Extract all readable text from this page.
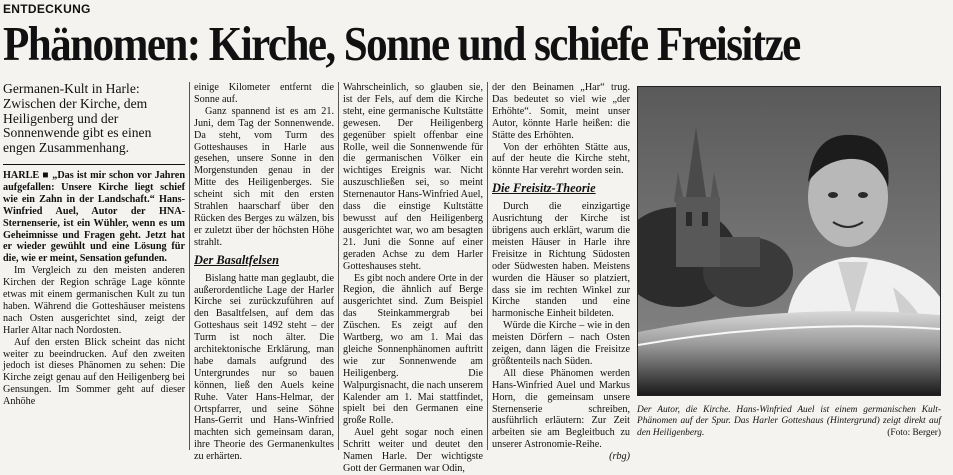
ENTDECKUNG
Phänomen: Kirche, Sonne und schiefe Freisitze
Germanen-Kult in Harle: Zwischen der Kirche, dem Heiligenberg und der Sonnenwende gibt es einen engen Zusammenhang.

HARLE ■ „Das ist mir schon vor Jahren aufgefallen: Unsere Kirche liegt schief wie ein Zahn in der Landschaft.“ Hans-Winfried Auel, Autor der HNA-Sternenserie, ist ein Wühler, wenn es um Geheimnisse und Fragen geht. Jetzt hat er wieder gewühlt und eine Lösung für die, wie er meint, Sensation gefunden.

Im Vergleich zu den meisten anderen Kirchen der Region schräge Lage könnte etwas mit einem germanischen Kult zu tun haben. Während die Gotteshäuser meistens nach Osten ausgerichtet sind, zeigt der Harler Altar nach Nordosten.

Auf den ersten Blick scheint das nicht weiter zu beeindrucken. Auf den zweiten jedoch ist dieses Phänomen zu sehen: Die Kirche zeigt genau auf den Heiligenberg bei Gensungen. Im Sommer geht auf dieser Anhöhe

einige Kilometer entfernt die Sonne auf.

Ganz spannend ist es am 21. Juni, dem Tag der Sonnenwende. Da steht, vom Turm des Gotteshauses in Harle aus gesehen, unsere Sonne in den Morgenstunden genau in der Mitte des Heiligenberges. Sie scheint sich mit den ersten Strahlen haarscharf über den Rücken des Berges zu wälzen, bis er zuletzt über der höchsten Höhe strahlt.

Der Basaltfelsen

Bislang hatte man geglaubt, die außerordentliche Lage der Harler Kirche sei zurückzuführen auf den Basaltfelsen, auf dem das Gotteshaus seit 1492 steht – der Turm ist noch älter. Die architektonische Erklärung, man habe damals aufgrund des Untergrundes nur so bauen können, ließ den Auels keine Ruhe. Vater Hans-Helmar, der Ortspfarrer, und seine Söhne Hans-Gerrit und Hans-Winfried machten sich gemeinsam daran, ihre Theorie des Germanenkultes zu erhärten.

Wahrscheinlich, so glauben sie, ist der Fels, auf dem die Kirche steht, eine germanische Kultstätte gewesen. Der Heiligenberg gegenüber spielt offenbar eine Rolle, weil die Sonnenwende für die germanischen Völker ein wichtiges Ereignis war. Nicht auszuschließen sei, so meint Sternenautor Hans-Winfried Auel, dass die einstige Kultstätte bewusst auf den Heiligenberg ausgerichtet war, wo am besagten 21. Juni die Sonne auf einer geraden Achse zu dem Harler Gotteshauses steht.

Es gibt noch andere Orte in der Region, die ähnlich auf Berge ausgerichtet sind. Zum Beispiel das Steinkammergrab bei Züschen. Es zeigt auf den Wartberg, wo am 1. Mai das gleiche Sonnenphänomen auftritt wie zur Sonnenwende am Heiligenberg. Die Walpurgisnacht, die nach unserem Kalender am 1. Mai stattfindet, spielt bei den Germanen eine große Rolle.

Auel geht sogar noch einen Schritt weiter und deutet den Namen Harle. Der wichtigste Gott der Germanen war Odin,

der den Beinamen „Har“ trug. Das bedeutet so viel wie „der Erhöhte“. Somit, meint unser Autor, könnte Harle heißen: die Stätte des Erhöhten.

Von der erhöhten Stätte aus, auf der heute die Kirche steht, könnte Har verehrt worden sein.

Die Freisitz-Theorie

Durch die einzigartige Ausrichtung der Kirche ist übrigens auch erklärt, warum die meisten Häuser in Harle ihre Freisitze in Richtung Südosten oder Südwesten haben. Meistens wurden die Häuser so platziert, dass sie im rechten Winkel zur Kirche standen und eine harmonische Einheit bildeten.

Würde die Kirche – wie in den meisten Dörfern – nach Osten zeigen, dann lägen die Freisitze größtenteils nach Süden.

All diese Phänomen werden Hans-Winfried Auel und Markus Horn, die gemeinsam unsere Sternenserie schreiben, ausführlich erläutern: Zur Zeit arbeiten sie am Begleitbuch zu unserer Astronomie-Reihe.
(rbg)

Der Autor, die Kirche. Hans-Winfried Auel ist einem germanischen Kult-Phänomen auf der Spur. Das Harler Gotteshaus (Hintergrund) zeigt direkt auf den Heiligenberg.	(Foto: Berger)
